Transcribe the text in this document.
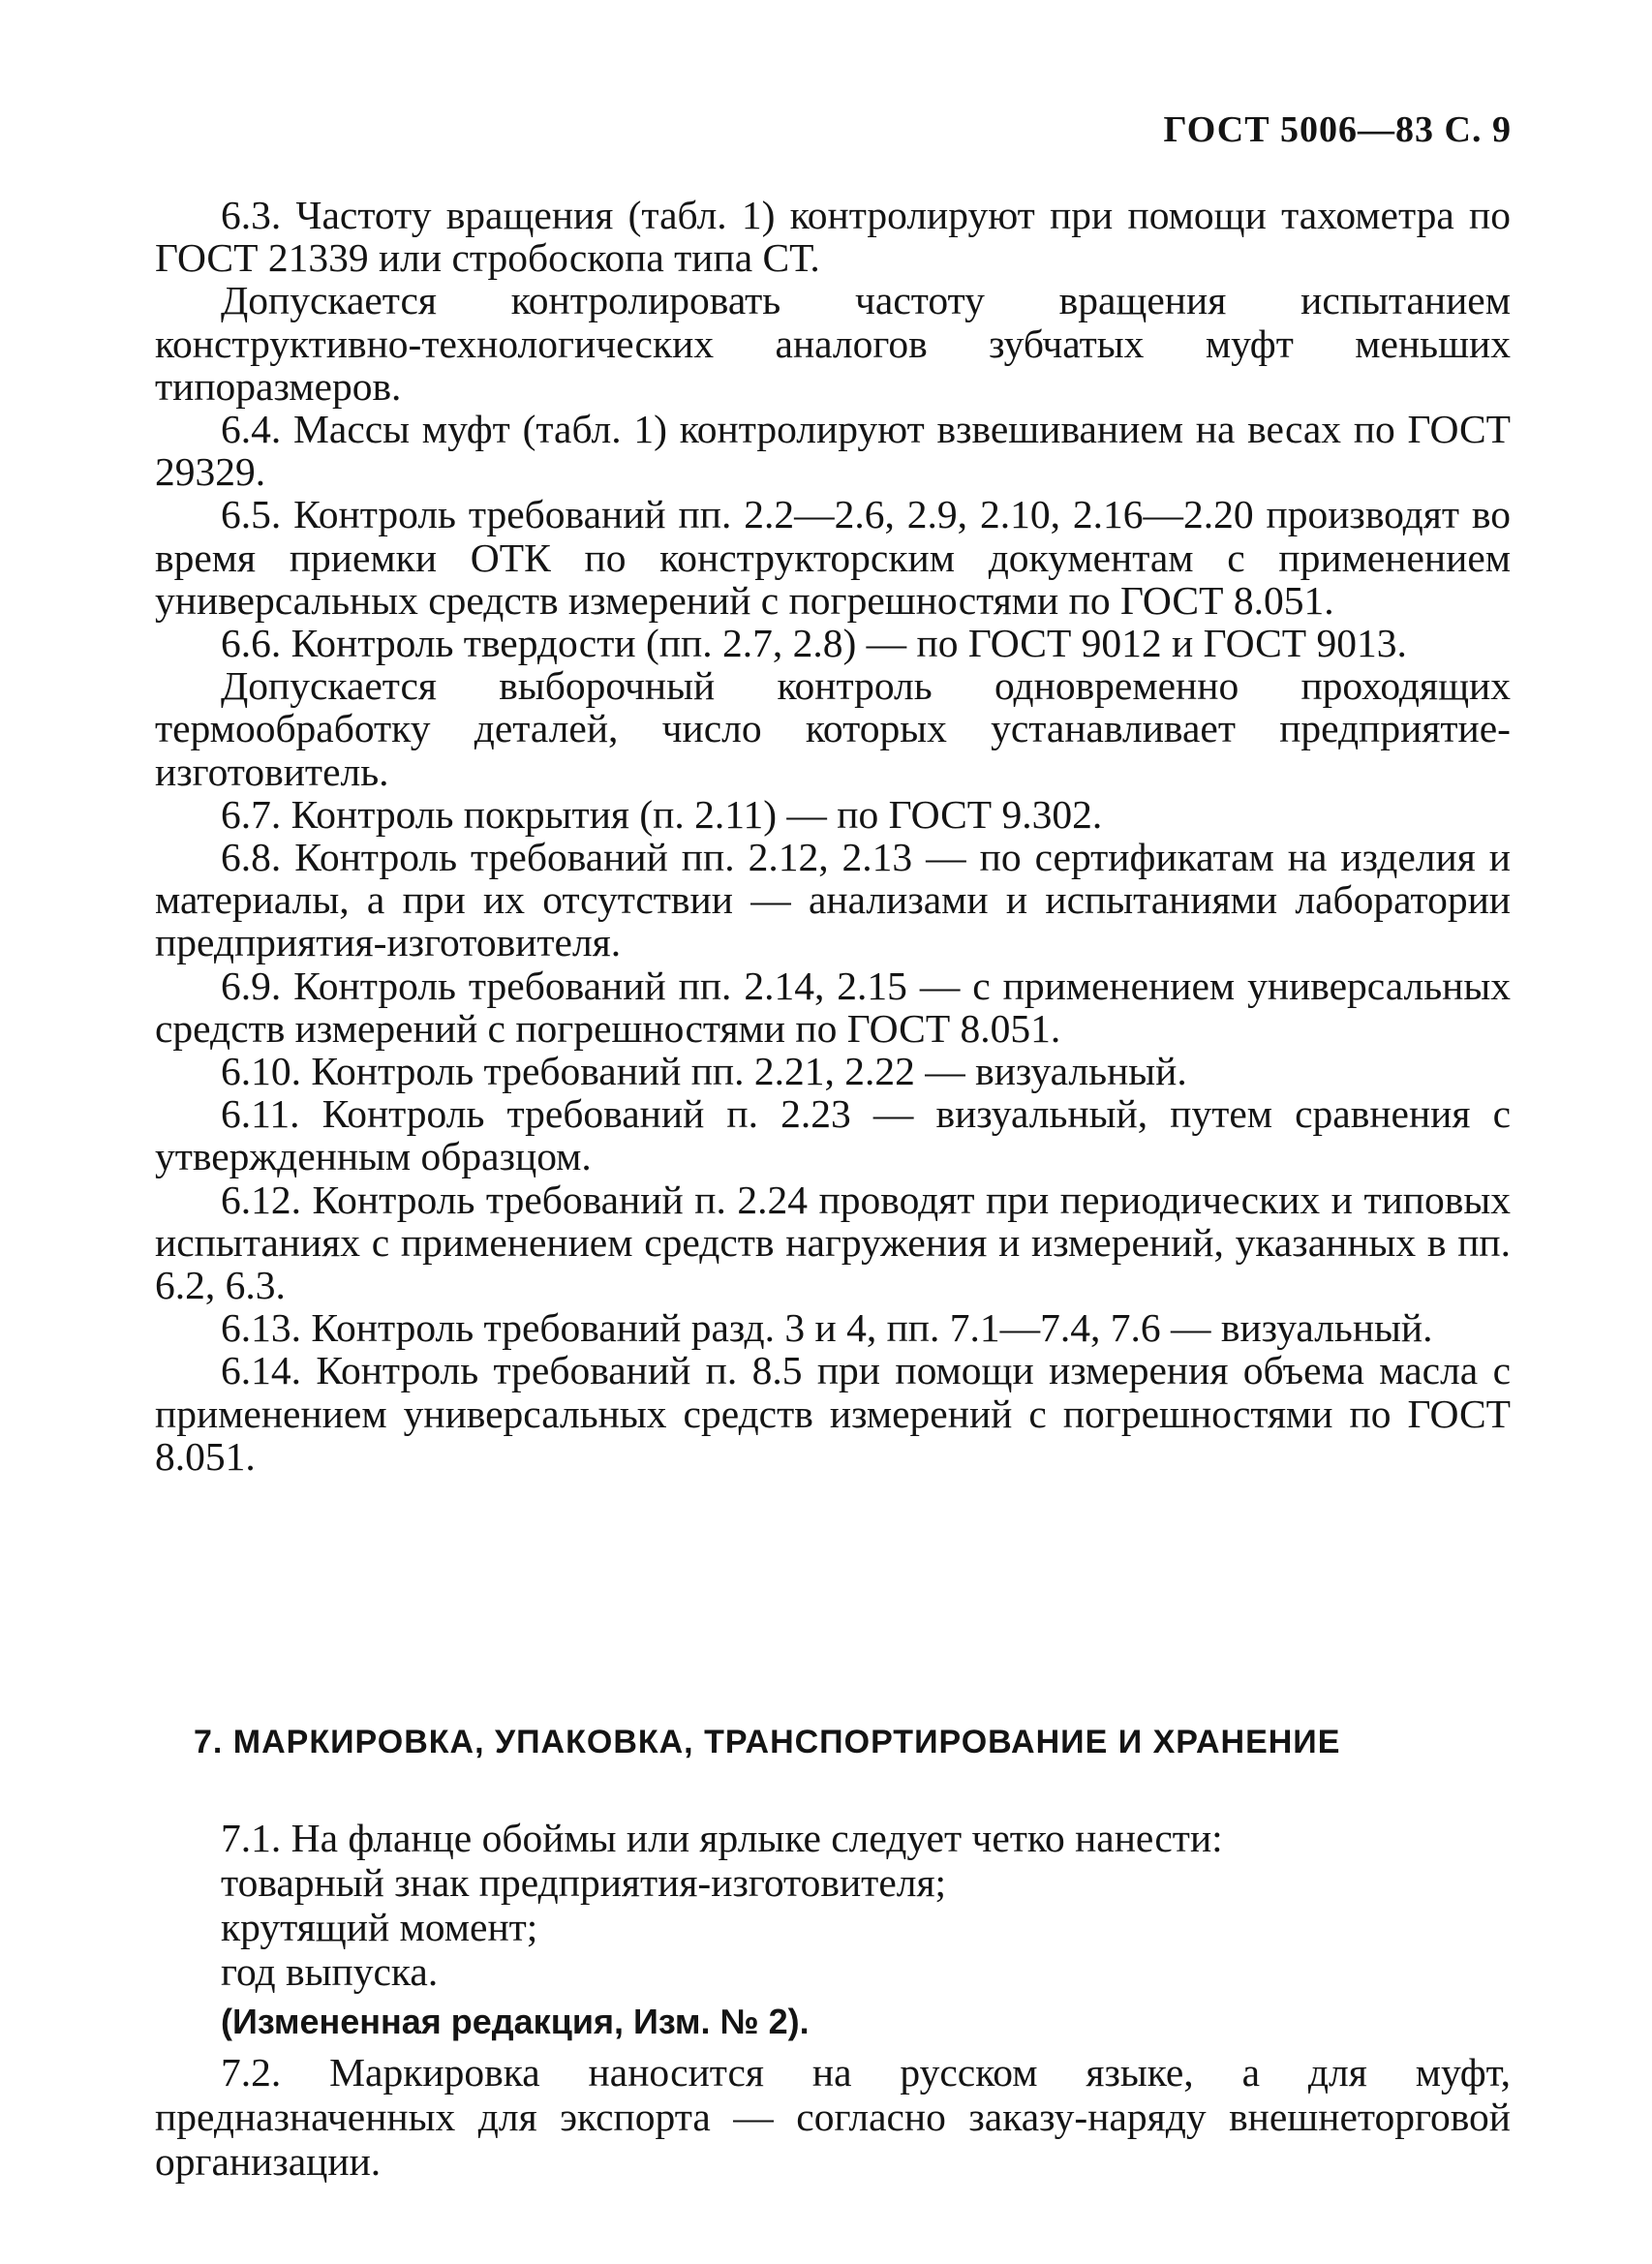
ГОСТ 5006—83 С. 9

6.3. Частоту вращения (табл. 1) контролируют при помощи тахометра по ГОСТ 21339 или стробоскопа типа СТ.

Допускается контролировать частоту вращения испытанием конструктивно-технологических аналогов зубчатых муфт меньших типоразмеров.

6.4. Массы муфт (табл. 1) контролируют взвешиванием на весах по ГОСТ 29329.

6.5. Контроль требований пп. 2.2—2.6, 2.9, 2.10, 2.16—2.20 производят во время приемки ОТК по конструкторским документам с применением универсальных средств измерений с погрешностями по ГОСТ 8.051.

6.6. Контроль твердости (пп. 2.7, 2.8) — по ГОСТ 9012 и ГОСТ 9013.

Допускается выборочный контроль одновременно проходящих термообработку деталей, число которых устанавливает предприятие-изготовитель.

6.7. Контроль покрытия (п. 2.11) — по ГОСТ 9.302.

6.8. Контроль требований пп. 2.12, 2.13 — по сертификатам на изделия и материалы, а при их отсутствии — анализами и испытаниями лаборатории предприятия-изготовителя.

6.9. Контроль требований пп. 2.14, 2.15 — с применением универсальных средств измерений с погрешностями по ГОСТ 8.051.

6.10. Контроль требований пп. 2.21, 2.22 — визуальный.

6.11. Контроль требований п. 2.23 — визуальный, путем сравнения с утвержденным образцом.

6.12. Контроль требований п. 2.24 проводят при периодических и типовых испытаниях с применением средств нагружения и измерений, указанных в пп. 6.2, 6.3.

6.13. Контроль требований разд. 3 и 4, пп. 7.1—7.4, 7.6 — визуальный.

6.14. Контроль требований п. 8.5 при помощи измерения объема масла с применением универсальных средств измерений с погрешностями по ГОСТ 8.051.

7. МАРКИРОВКА, УПАКОВКА, ТРАНСПОРТИРОВАНИЕ И ХРАНЕНИЕ

7.1. На фланце обоймы или ярлыке следует четко нанести:

товарный знак предприятия-изготовителя;

крутящий момент;

год выпуска.

(Измененная редакция, Изм. № 2).

7.2. Маркировка наносится на русском языке, а для муфт, предназначенных для экспорта — согласно заказу-наряду внешнеторговой организации.
